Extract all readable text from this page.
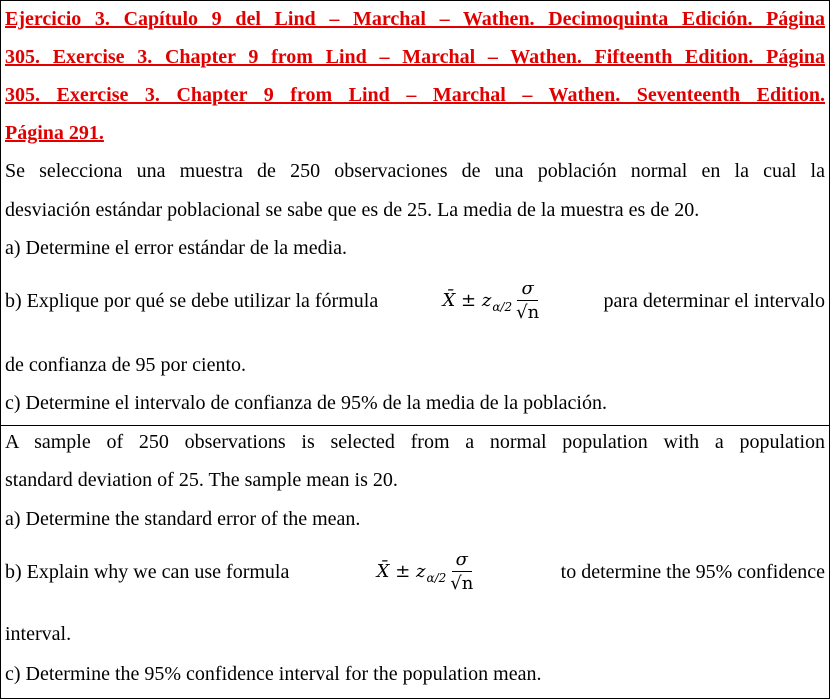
Ejercicio 3. Capítulo 9 del Lind – Marchal – Wathen. Decimoquinta Edición. Página
305. Exercise 3. Chapter 9 from Lind – Marchal – Wathen. Fifteenth Edition. Página
305. Exercise 3. Chapter 9 from Lind – Marchal – Wathen. Seventeenth Edition.
Página 291.
Se selecciona una muestra de 250 observaciones de una población normal en la cual la
desviación estándar poblacional se sabe que es de 25. La media de la muestra es de 20.
a) Determine el error estándar de la media.
b) Explique por qué se debe utilizar la fórmula	X̄ ± z $\alpha/2 \frac{\sigma}{√n}$	para determinar el intervalo
de confianza de 95 por ciento.
c) Determine el intervalo de confianza de 95% de la media de la población.
A sample of 250 observations is selected from a normal population with a population
standard deviation of 25. The sample mean is 20.
a) Determine the standard error of the mean.
b) Explain why we can use formula	X̄ ± z $\alpha/2 \frac{\sigma}{√n}$	to determine the 95% confidence
interval.
c) Determine the 95% confidence interval for the population mean.
